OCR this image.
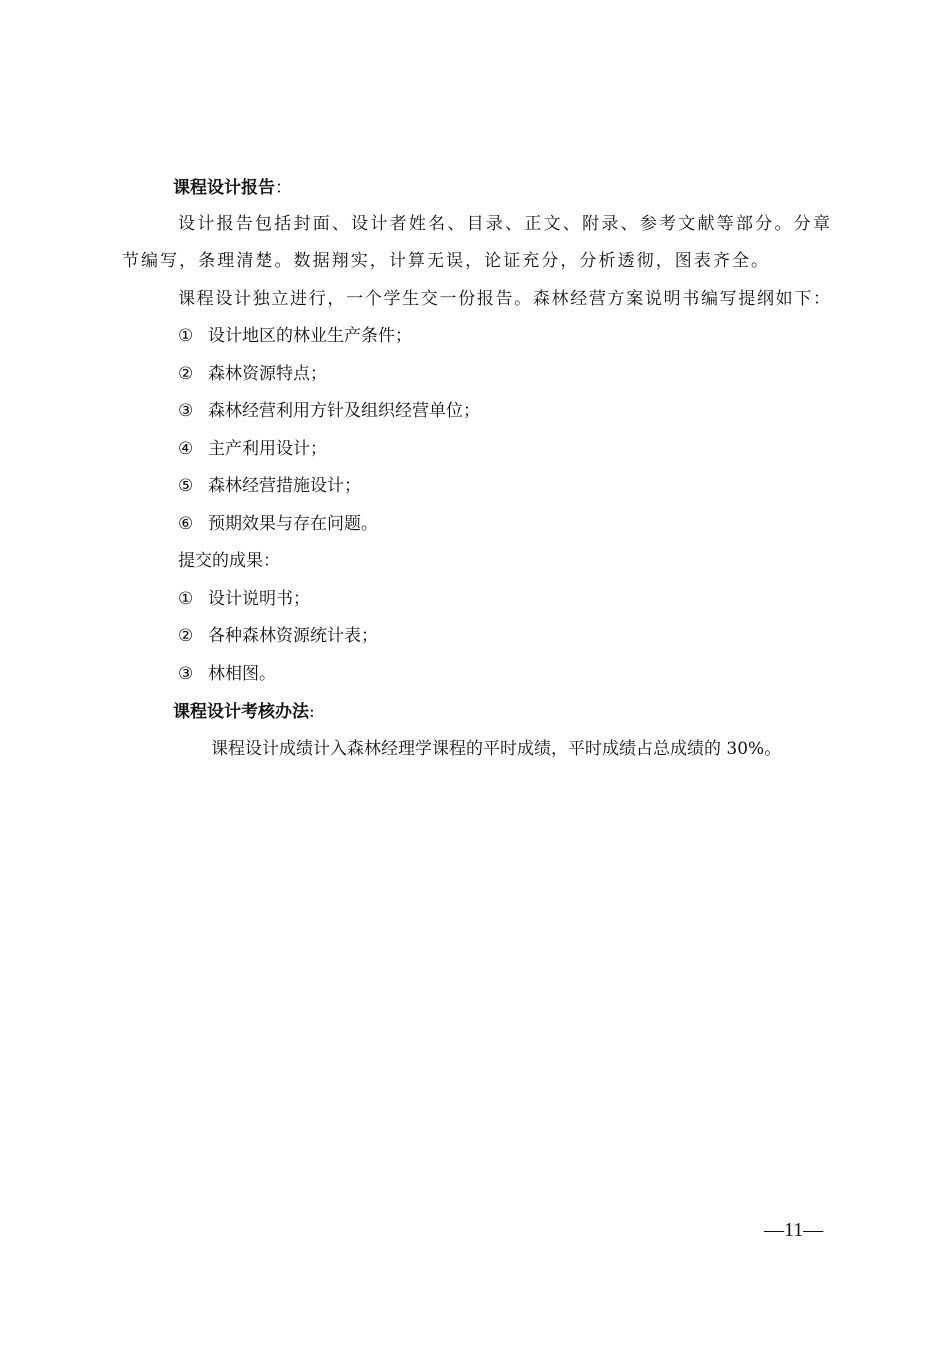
课程设计报告：
设计报告包括封面、设计者姓名、目录、正文、附录、参考文献等部分。分章
节编写，条理清楚。数据翔实，计算无误，论证充分，分析透彻，图表齐全。
课程设计独立进行，一个学生交一份报告。森林经营方案说明书编写提纲如下：
① 设计地区的林业生产条件；
② 森林资源特点；
③ 森林经营利用方针及组织经营单位；
④ 主产利用设计；
⑤ 森林经营措施设计；
⑥ 预期效果与存在问题。
提交的成果：
① 设计说明书；
② 各种森林资源统计表；
③ 林相图。
课程设计考核办法:
课程设计成绩计入森林经理学课程的平时成绩，平时成绩占总成绩的 30%。
—11—
